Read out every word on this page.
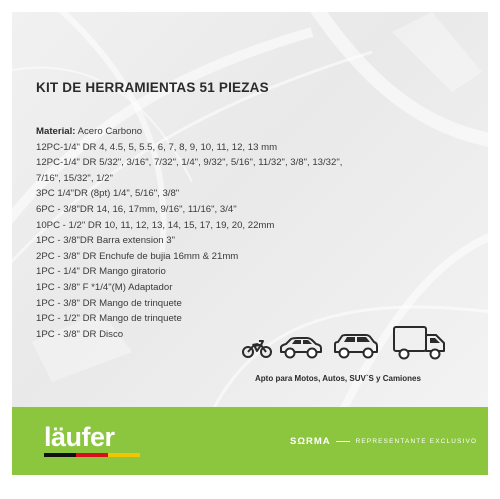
KIT DE HERRAMIENTAS 51 PIEZAS
Material: Acero Carbono
12PC-1/4" DR 4, 4.5, 5, 5.5, 6, 7, 8, 9, 10, 11, 12, 13 mm
12PC-1/4" DR 5/32", 3/16", 7/32", 1/4", 9/32", 5/16", 11/32", 3/8", 13/32",
7/16", 15/32", 1/2"
3PC 1/4"DR (8pt) 1/4", 5/16", 3/8"
6PC - 3/8"DR 14, 16, 17mm, 9/16", 11/16", 3/4"
10PC - 1/2" DR 10, 11, 12, 13, 14, 15, 17, 19, 20, 22mm
1PC - 3/8"DR Barra extension 3"
2PC - 3/8" DR Enchufe de bujia 16mm & 21mm
1PC - 1/4" DR Mango giratorio
1PC - 3/8" F *1/4"(M) Adaptador
1PC - 3/8" DR Mango de trinquete
1PC - 1/2" DR Mango de trinquete
1PC - 3/8" DR Disco
Apto para Motos, Autos, SUV`S y Camiones
läufer	SΩRMA	REPRESENTANTE EXCLUSIVO
